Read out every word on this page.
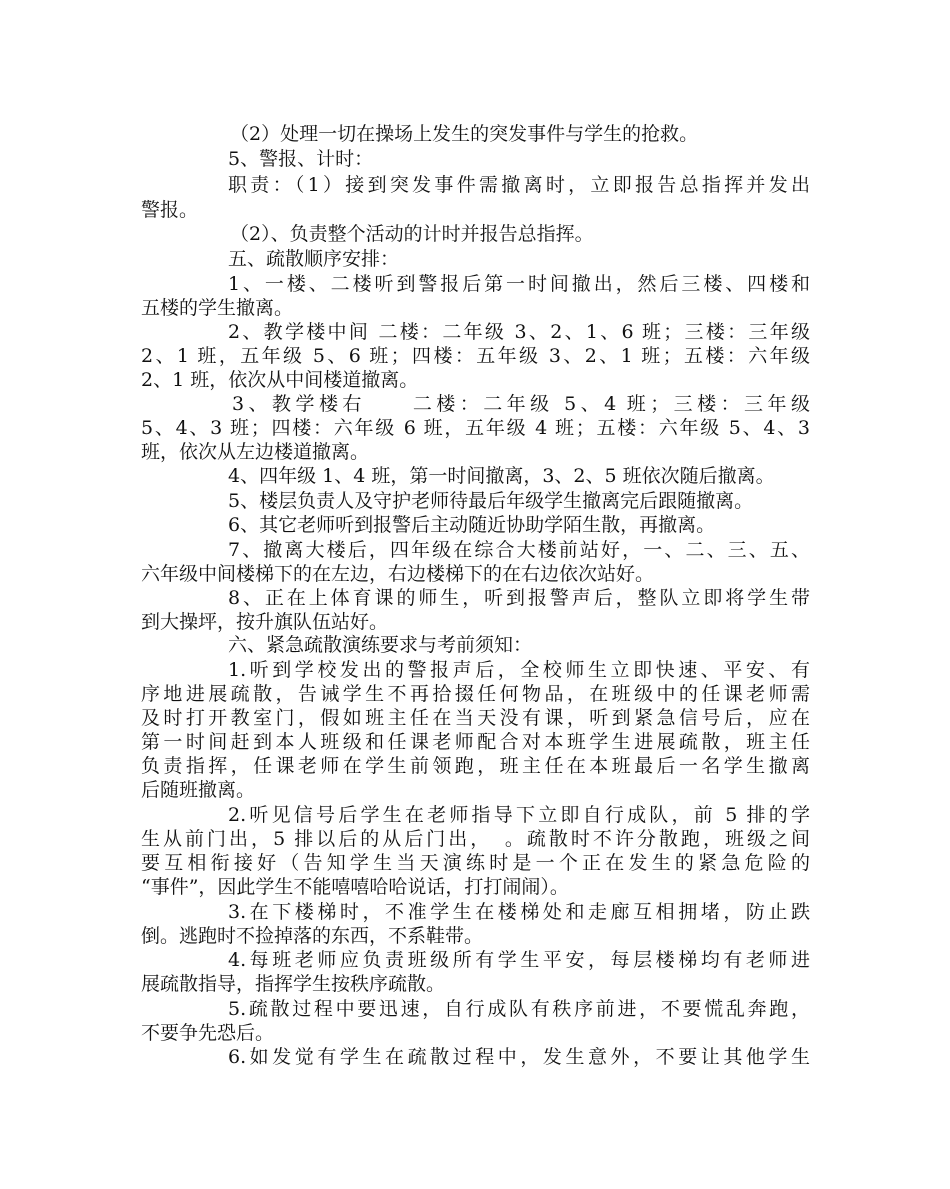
（2）处理一切在操场上发生的突发事件与学生的抢救。
5、警报、计时：
职责：（1）接到突发事件需撤离时，立即报告总指挥并发出
警报。
（2）、负责整个活动的计时并报告总指挥。
五、疏散顺序安排：
1、一楼、二楼听到警报后第一时间撤出，然后三楼、四楼和
五楼的学生撤离。
2、教学楼中间 二楼：二年级 3、2、1、6 班；三楼：三年级
2、1 班，五年级 5、6 班；四楼：五年级 3、2、1 班；五楼：六年级
2、1 班，依次从中间楼道撤离。
3、教学楼右　　二楼：二年级 5、4 班；三楼：三年级
5、4、3 班；四楼：六年级 6 班，五年级 4 班；五楼：六年级 5、4、3
班，依次从左边楼道撤离。
4、四年级 1、4 班，第一时间撤离，3、2、5 班依次随后撤离。
5、楼层负责人及守护老师待最后年级学生撤离完后跟随撤离。
6、其它老师听到报警后主动随近协助学陌生散，再撤离。
7、撤离大楼后，四年级在综合大楼前站好，一、二、三、五、
六年级中间楼梯下的在左边，右边楼梯下的在右边依次站好。
8、正在上体育课的师生，听到报警声后，整队立即将学生带
到大操坪，按升旗队伍站好。
六、紧急疏散演练要求与考前须知：
1.听到学校发出的警报声后，全校师生立即快速、平安、有
序地进展疏散，告诫学生不再拾掇任何物品，在班级中的任课老师需
及时打开教室门，假如班主任在当天没有课，听到紧急信号后，应在
第一时间赶到本人班级和任课老师配合对本班学生进展疏散，班主任
负责指挥，任课老师在学生前领跑，班主任在本班最后一名学生撤离
后随班撤离。
2.听见信号后学生在老师指导下立即自行成队，前 5 排的学
生从前门出，5 排以后的从后门出，　。疏散时不许分散跑，班级之间
要互相衔接好（告知学生当天演练时是一个正在发生的紧急危险的
“事件”，因此学生不能嘻嘻哈哈说话，打打闹闹）。
3.在下楼梯时，不准学生在楼梯处和走廊互相拥堵，防止跌
倒。逃跑时不捡掉落的东西，不系鞋带。
4.每班老师应负责班级所有学生平安，每层楼梯均有老师进
展疏散指导，指挥学生按秩序疏散。
5.疏散过程中要迅速，自行成队有秩序前进，不要慌乱奔跑，
不要争先恐后。
6.如发觉有学生在疏散过程中，发生意外，不要让其他学生
